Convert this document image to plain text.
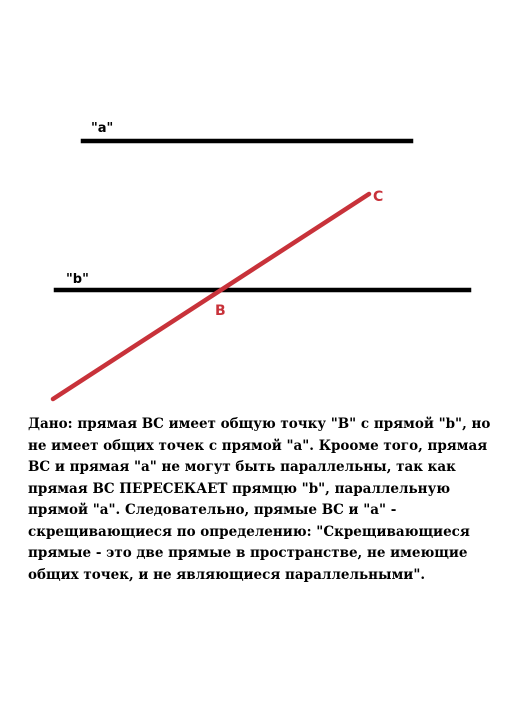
"a"
"b"
C
B

Дано: прямая ВС имеет общую точку "В" с прямой "b", но не имеет общих точек с прямой "а". Крооме того, прямая ВС и прямая "а" не могут быть параллельны, так как прямая ВС ПЕРЕСЕКАЕТ прямцю "b", параллельную прямой "а". Следовательно, прямые ВС и "а" - скрещивающиеся по определению: "Скрещивающиеся прямые - это две прямые в пространстве, не имеющие общих точек, и не являющиеся параллельными".
